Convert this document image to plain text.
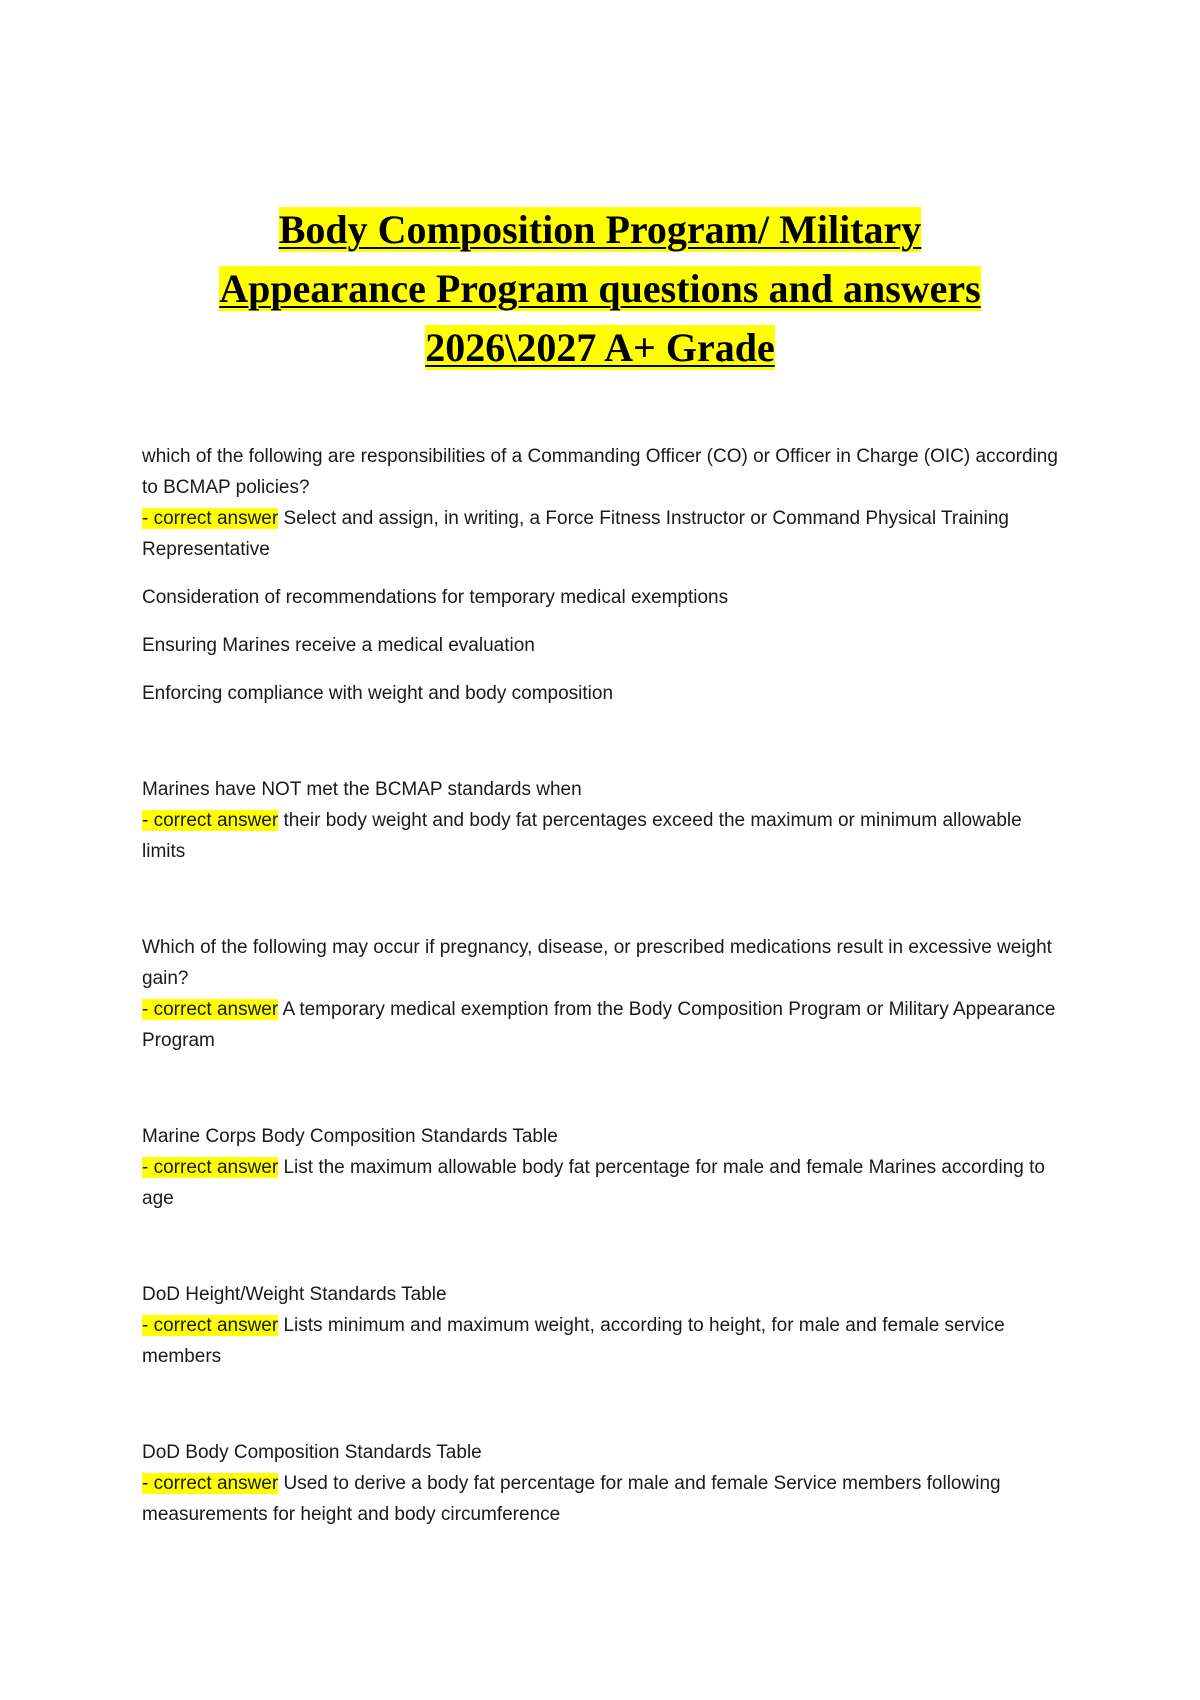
Body Composition Program/ Military
Appearance Program questions and answers
2026\2027 A+ Grade

which of the following are responsibilities of a Commanding Officer (CO) or Officer in Charge (OIC) according to BCMAP policies?

- correct answer Select and assign, in writing, a Force Fitness Instructor or Command Physical Training Representative

Consideration of recommendations for temporary medical exemptions

Ensuring Marines receive a medical evaluation

Enforcing compliance with weight and body composition

Marines have NOT met the BCMAP standards when

- correct answer their body weight and body fat percentages exceed the maximum or minimum allowable limits

Which of the following may occur if pregnancy, disease, or prescribed medications result in excessive weight gain?

- correct answer A temporary medical exemption from the Body Composition Program or Military Appearance Program

Marine Corps Body Composition Standards Table

- correct answer List the maximum allowable body fat percentage for male and female Marines according to age

DoD Height/Weight Standards Table

- correct answer Lists minimum and maximum weight, according to height, for male and female service members

DoD Body Composition Standards Table

- correct answer Used to derive a body fat percentage for male and female Service members following measurements for height and body circumference
